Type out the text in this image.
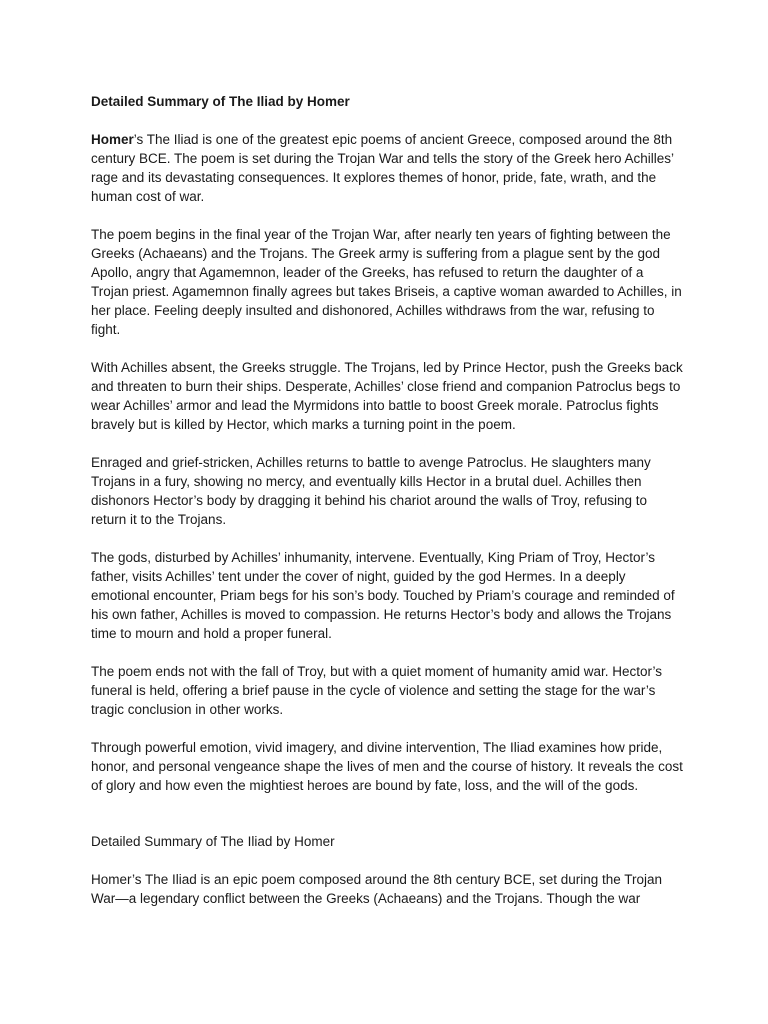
Detailed Summary of The Iliad by Homer

Homer’s The Iliad is one of the greatest epic poems of ancient Greece, composed around the 8th century BCE. The poem is set during the Trojan War and tells the story of the Greek hero Achilles’ rage and its devastating consequences. It explores themes of honor, pride, fate, wrath, and the human cost of war.

The poem begins in the final year of the Trojan War, after nearly ten years of fighting between the Greeks (Achaeans) and the Trojans. The Greek army is suffering from a plague sent by the god Apollo, angry that Agamemnon, leader of the Greeks, has refused to return the daughter of a Trojan priest. Agamemnon finally agrees but takes Briseis, a captive woman awarded to Achilles, in her place. Feeling deeply insulted and dishonored, Achilles withdraws from the war, refusing to fight.

With Achilles absent, the Greeks struggle. The Trojans, led by Prince Hector, push the Greeks back and threaten to burn their ships. Desperate, Achilles’ close friend and companion Patroclus begs to wear Achilles’ armor and lead the Myrmidons into battle to boost Greek morale. Patroclus fights bravely but is killed by Hector, which marks a turning point in the poem.

Enraged and grief-stricken, Achilles returns to battle to avenge Patroclus. He slaughters many Trojans in a fury, showing no mercy, and eventually kills Hector in a brutal duel. Achilles then dishonors Hector’s body by dragging it behind his chariot around the walls of Troy, refusing to return it to the Trojans.

The gods, disturbed by Achilles’ inhumanity, intervene. Eventually, King Priam of Troy, Hector’s father, visits Achilles’ tent under the cover of night, guided by the god Hermes. In a deeply emotional encounter, Priam begs for his son’s body. Touched by Priam’s courage and reminded of his own father, Achilles is moved to compassion. He returns Hector’s body and allows the Trojans time to mourn and hold a proper funeral.

The poem ends not with the fall of Troy, but with a quiet moment of humanity amid war. Hector’s funeral is held, offering a brief pause in the cycle of violence and setting the stage for the war’s tragic conclusion in other works.

Through powerful emotion, vivid imagery, and divine intervention, The Iliad examines how pride, honor, and personal vengeance shape the lives of men and the course of history. It reveals the cost of glory and how even the mightiest heroes are bound by fate, loss, and the will of the gods.

Detailed Summary of The Iliad by Homer

Homer’s The Iliad is an epic poem composed around the 8th century BCE, set during the Trojan War—a legendary conflict between the Greeks (Achaeans) and the Trojans. Though the war
